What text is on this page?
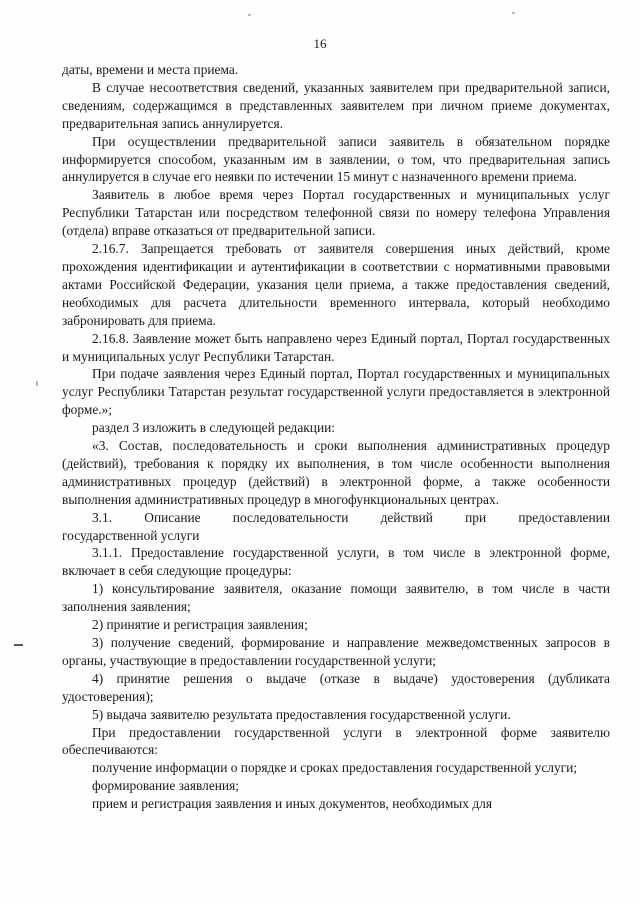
16

даты, времени и места приема.

В случае несоответствия сведений, указанных заявителем при предварительной записи, сведениям, содержащимся в представленных заявителем при личном приеме документах, предварительная запись аннулируется.

При осуществлении предварительной записи заявитель в обязательном порядке информируется способом, указанным им в заявлении, о том, что предварительная запись аннулируется в случае его неявки по истечении 15 минут с назначенного времени приема.

Заявитель в любое время через Портал государственных и муниципальных услуг Республики Татарстан или посредством телефонной связи по номеру телефона Управления (отдела) вправе отказаться от предварительной записи.

2.16.7. Запрещается требовать от заявителя совершения иных действий, кроме прохождения идентификации и аутентификации в соответствии с нормативными правовыми актами Российской Федерации, указания цели приема, а также предоставления сведений, необходимых для расчета длительности временного интервала, который необходимо забронировать для приема.

2.16.8. Заявление может быть направлено через Единый портал, Портал государственных и муниципальных услуг Республики Татарстан.

При подаче заявления через Единый портал, Портал государственных и муниципальных услуг Республики Татарстан результат государственной услуги предоставляется в электронной форме.»;

раздел 3 изложить в следующей редакции:

«3. Состав, последовательность и сроки выполнения административных процедур (действий), требования к порядку их выполнения, в том числе особенности выполнения административных процедур (действий) в электронной форме, а также особенности выполнения административных процедур в многофункциональных центрах.

3.1. Описание последовательности действий при предоставлении

государственной услуги

3.1.1. Предоставление государственной услуги, в том числе в электронной форме, включает в себя следующие процедуры:

1) консультирование заявителя, оказание помощи заявителю, в том числе в части заполнения заявления;

2) принятие и регистрация заявления;

3) получение сведений, формирование и направление межведомственных запросов в органы, участвующие в предоставлении государственной услуги;

4) принятие решения о выдаче (отказе в выдаче) удостоверения (дубликата удостоверения);

5) выдача заявителю результата предоставления государственной услуги.

При предоставлении государственной услуги в электронной форме заявителю обеспечиваются:

получение информации о порядке и сроках предоставления государственной услуги;

формирование заявления;

прием и регистрация заявления и иных документов, необходимых для
